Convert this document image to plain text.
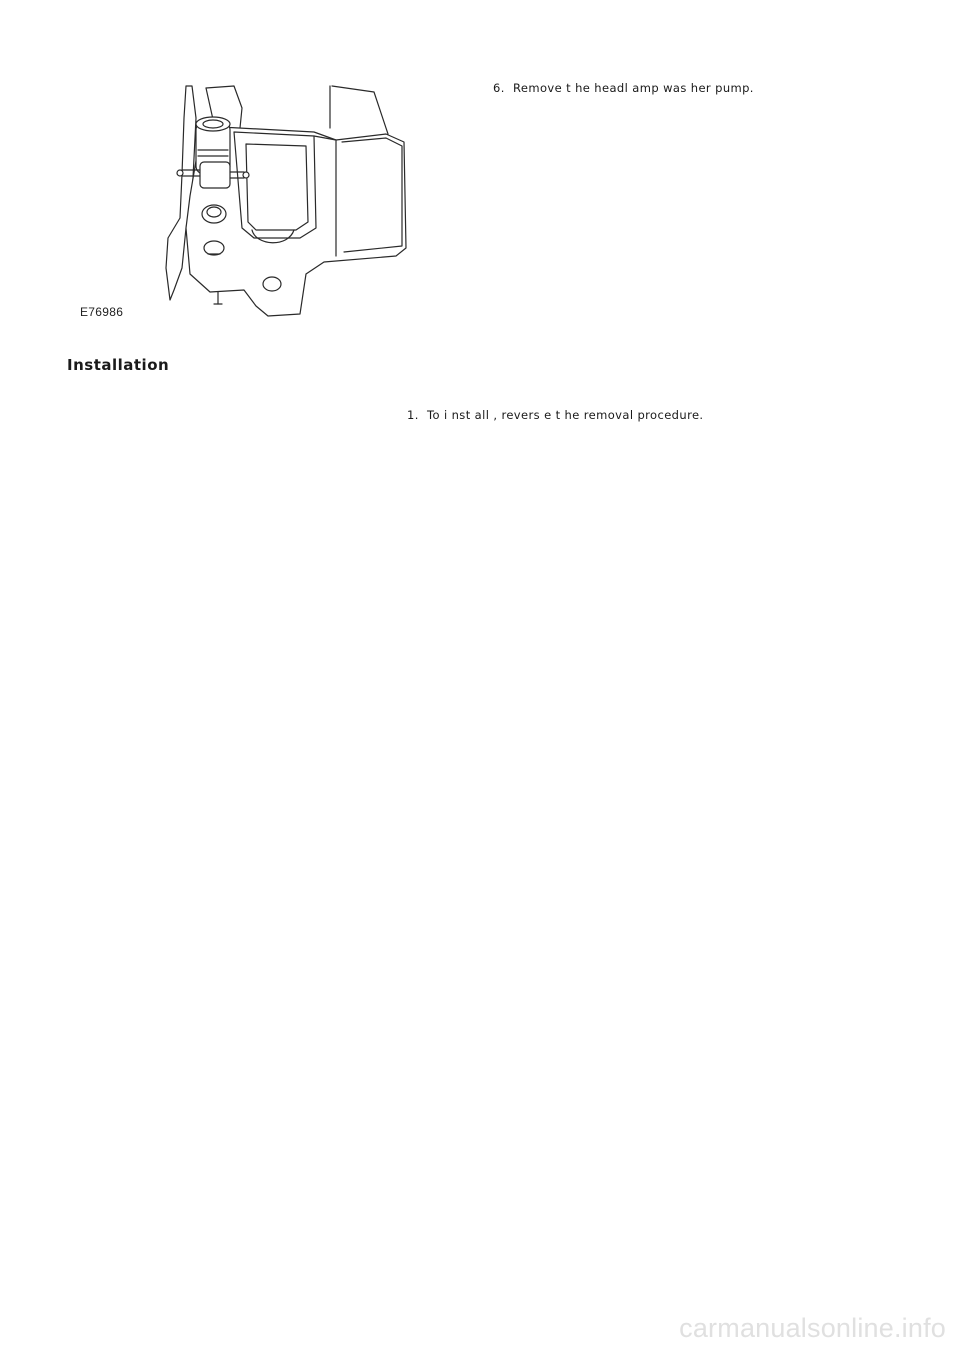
E76986
6. Remove t he headl amp was her pump.
Installation
1. To i nst all , revers e t he removal procedure.
carmanualsonline.info
